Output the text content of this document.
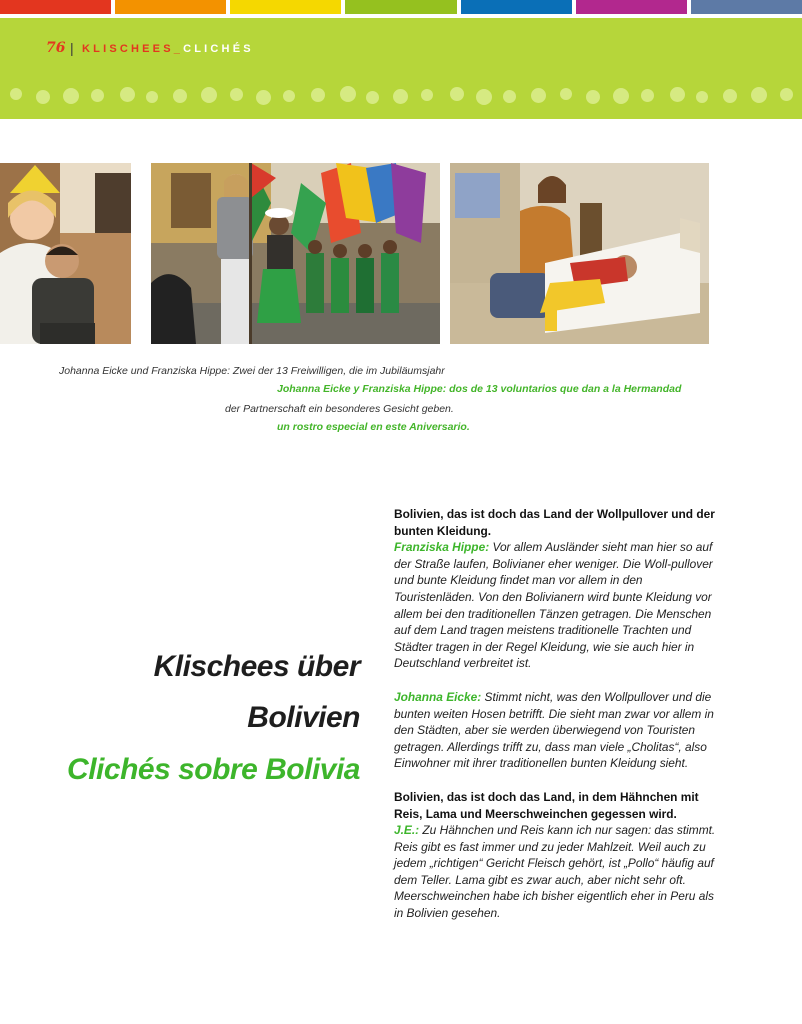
76 | KLISCHEES_CLICHÉS
Johanna Eicke und Franziska Hippe: Zwei der 13 Freiwilligen, die im Jubiläumsjahr
Johanna Eicke y Franziska Hippe: dos de 13 voluntarios que dan a la Hermandad
der Partnerschaft ein besonderes Gesicht geben.
un rostro especial en este Aniversario.
Klischees über
Bolivien
Clichés sobre Bolivia

Bolivien, das ist doch das Land der Wollpullover und der bunten Kleidung.
Franziska Hippe: Vor allem Ausländer sieht man hier so auf der Straße laufen, Bolivianer eher weniger. Die Woll-pullover und bunte Kleidung findet man vor allem in den Touristenläden. Von den Bolivianern wird bunte Kleidung vor allem bei den traditionellen Tänzen getragen. Die Menschen auf dem Land tragen meistens traditionelle Trachten und Städter tragen in der Regel Kleidung, wie sie auch hier in Deutschland verbreitet ist.

Johanna Eicke: Stimmt nicht, was den Wollpullover und die bunten weiten Hosen betrifft. Die sieht man zwar vor allem in den Städten, aber sie werden überwiegend von Touristen getragen. Allerdings trifft zu, dass man viele „Cholitas“, also Einwohner mit ihrer traditionellen bunten Kleidung sieht.

Bolivien, das ist doch das Land, in dem Hähnchen mit Reis, Lama und Meerschweinchen gegessen wird.
J.E.: Zu Hähnchen und Reis kann ich nur sagen: das stimmt. Reis gibt es fast immer und zu jeder Mahlzeit. Weil auch zu jedem „richtigen“ Gericht Fleisch gehört, ist „Pollo“ häufig auf dem Teller. Lama gibt es zwar auch, aber nicht sehr oft. Meerschweinchen habe ich bisher eigentlich eher in Peru als in Bolivien gesehen.
